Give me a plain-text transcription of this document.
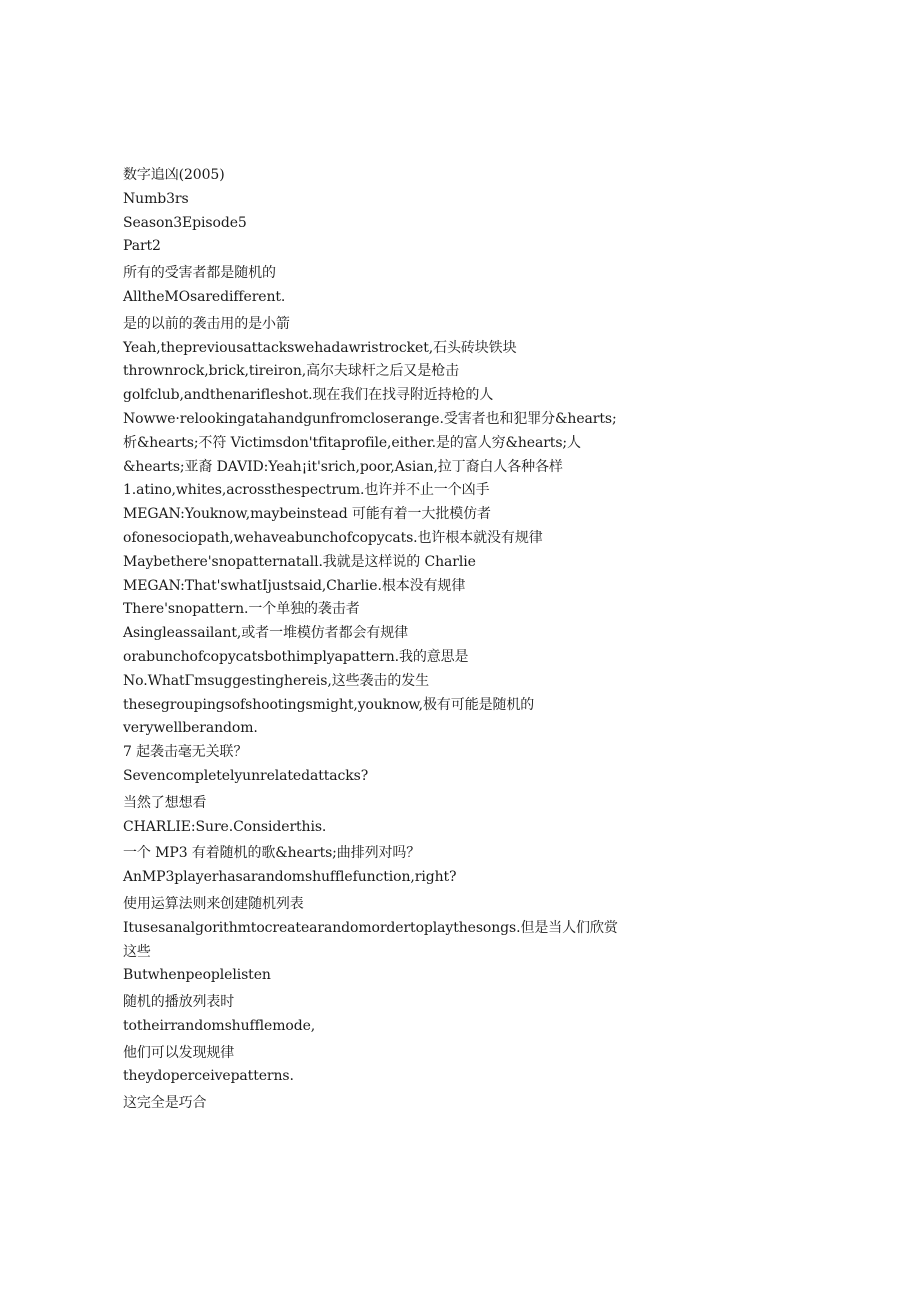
数字追凶(2005)
Numb3rs
Season3Episode5
Part2
所有的受害者都是随机的
AlltheMOsaredifferent.
是的以前的袭击用的是小箭
Yeah,thepreviousattackswehadawristrocket,石头砖块铁块
thrownrock,brick,tireiron,高尔夫球杆之后又是枪击
golfclub,andthenarifleshot.现在我们在找寻附近持枪的人
Nowwe·relookingatahandgunfromcloserange.受害者也和犯罪分&hearts;
析&hearts;不符 Victimsdon'tfitaprofile,either.是的富人穷&hearts;人
&hearts;亚裔 DAVID:Yeah¡it'srich,poor,Asian,拉丁裔白人各种各样
1.atino,whites,acrossthespectrum.也许并不止一个凶手
MEGAN:Youknow,maybeinstead 可能有着一大批模仿者
ofonesociopath,wehaveabunchofcopycats.也许根本就没有规律
Maybethere'snopatternatall.我就是这样说的 Charlie
MEGAN:That'swhatIjustsaid,Charlie.根本没有规律
There'snopattern.一个单独的袭击者
Asingleassailant,或者一堆模仿者都会有规律
orabunchofcopycatsbothimplyapattern.我的意思是
No.WhatΓmsuggestinghereis,这些袭击的发生
thesegroupingsofshootingsmight,youknow,极有可能是随机的
verywellberandom.
7 起袭击毫无关联？
Sevencompletelyunrelatedattacks?
当然了想想看
CHARLIE:Sure.Considerthis.
一个 MP3 有着随机的歌&hearts;曲排列对吗？
AnMP3playerhasarandomshufflefunction,right?
使用运算法则来创建随机列表
Itusesanalgorithmtocreatearandomordertoplaythesongs.但是当人们欣赏
这些
Butwhenpeoplelisten
随机的播放列表时
totheirrandomshufflemode,
他们可以发现规律
theydoperceivepatterns.
这完全是巧合
